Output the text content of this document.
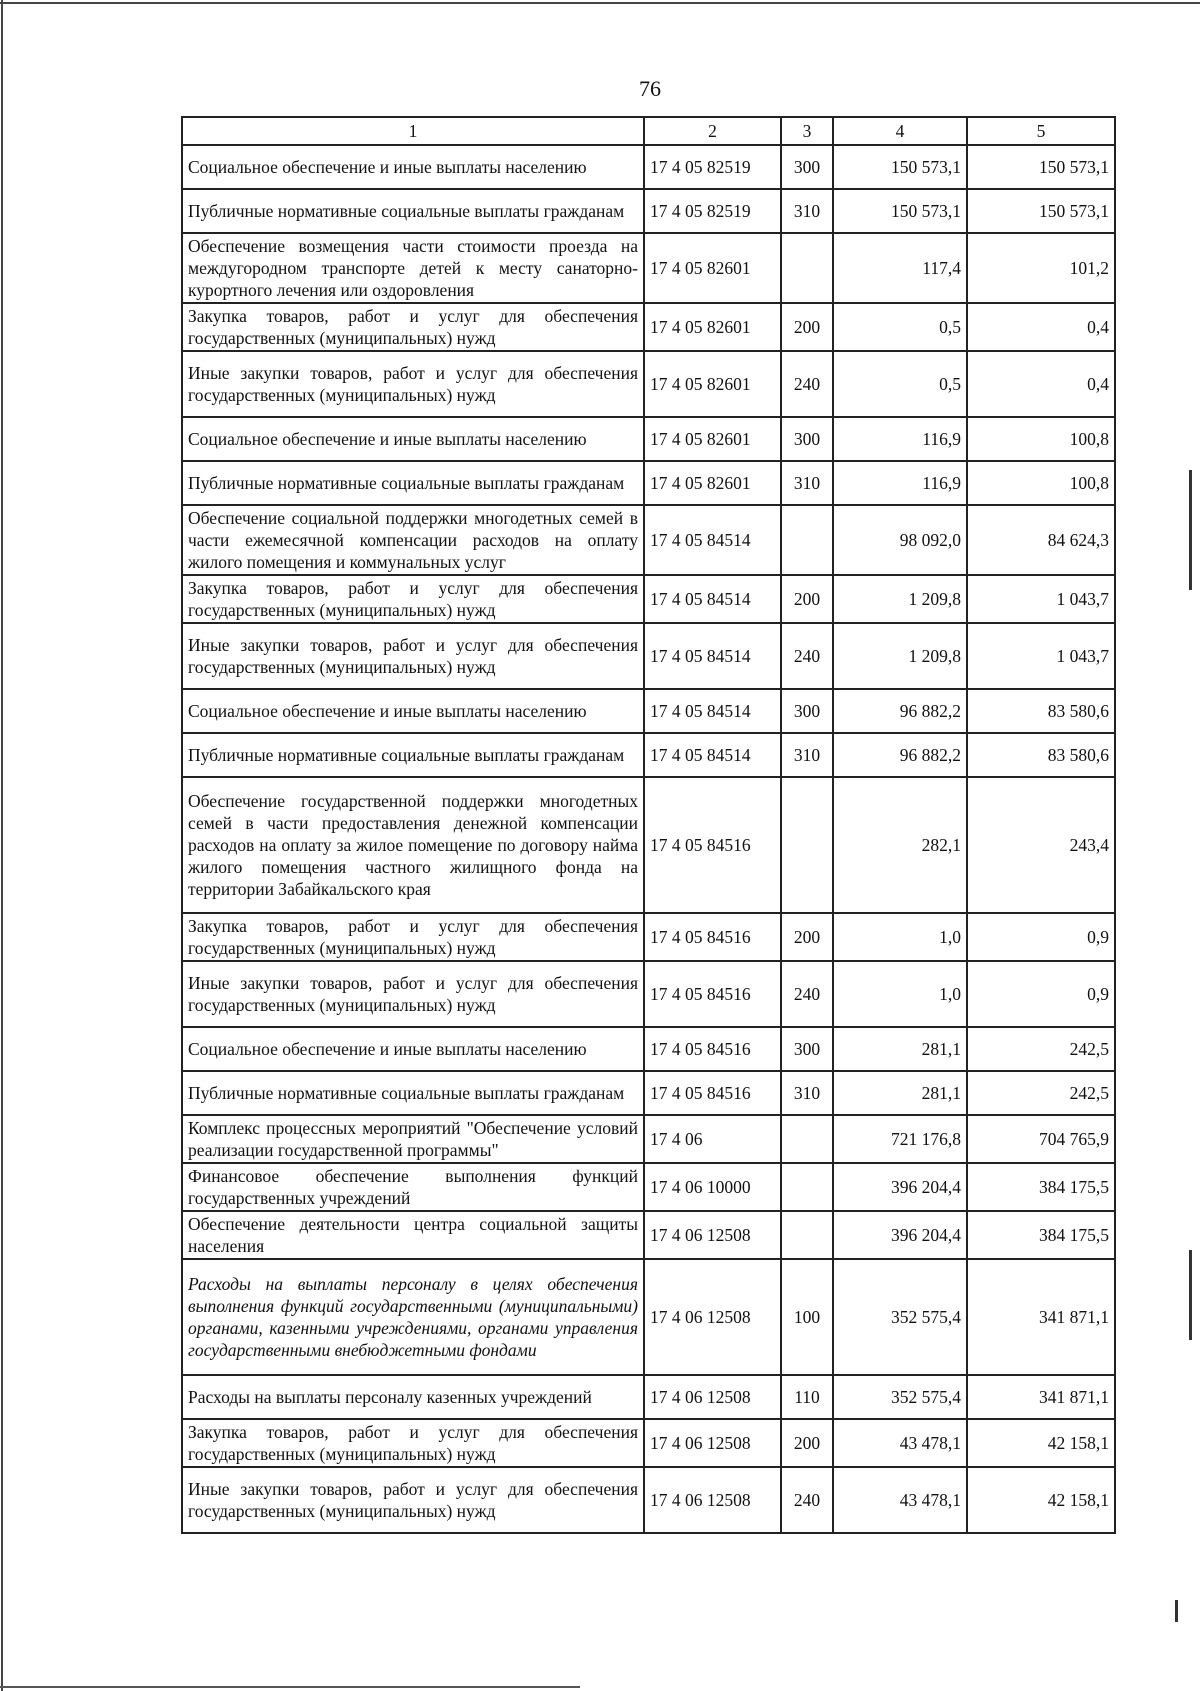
76
1	2	3	4	5
Социальное обеспечение и иные выплаты населению	17 4 05 82519	300	150 573,1	150 573,1
Публичные нормативные социальные выплаты гражданам	17 4 05 82519	310	150 573,1	150 573,1
Обеспечение возмещения части стоимости проезда на междугородном транспорте детей к месту санаторно-курортного лечения или оздоровления	17 4 05 82601		117,4	101,2
Закупка товаров, работ и услуг для обеспечения государственных (муниципальных) нужд	17 4 05 82601	200	0,5	0,4
Иные закупки товаров, работ и услуг для обеспечения государственных (муниципальных) нужд	17 4 05 82601	240	0,5	0,4
Социальное обеспечение и иные выплаты населению	17 4 05 82601	300	116,9	100,8
Публичные нормативные социальные выплаты гражданам	17 4 05 82601	310	116,9	100,8
Обеспечение социальной поддержки многодетных семей в части ежемесячной компенсации расходов на оплату жилого помещения и коммунальных услуг	17 4 05 84514		98 092,0	84 624,3
Закупка товаров, работ и услуг для обеспечения государственных (муниципальных) нужд	17 4 05 84514	200	1 209,8	1 043,7
Иные закупки товаров, работ и услуг для обеспечения государственных (муниципальных) нужд	17 4 05 84514	240	1 209,8	1 043,7
Социальное обеспечение и иные выплаты населению	17 4 05 84514	300	96 882,2	83 580,6
Публичные нормативные социальные выплаты гражданам	17 4 05 84514	310	96 882,2	83 580,6
Обеспечение государственной поддержки многодетных семей в части предоставления денежной компенсации расходов на оплату за жилое помещение по договору найма жилого помещения частного жилищного фонда на территории Забайкальского края	17 4 05 84516		282,1	243,4
Закупка товаров, работ и услуг для обеспечения государственных (муниципальных) нужд	17 4 05 84516	200	1,0	0,9
Иные закупки товаров, работ и услуг для обеспечения государственных (муниципальных) нужд	17 4 05 84516	240	1,0	0,9
Социальное обеспечение и иные выплаты населению	17 4 05 84516	300	281,1	242,5
Публичные нормативные социальные выплаты гражданам	17 4 05 84516	310	281,1	242,5
Комплекс процессных мероприятий "Обеспечение условий реализации государственной программы"	17 4 06		721 176,8	704 765,9
Финансовое обеспечение выполнения функций государственных учреждений	17 4 06 10000		396 204,4	384 175,5
Обеспечение деятельности центра социальной защиты населения	17 4 06 12508		396 204,4	384 175,5
Расходы на выплаты персоналу в целях обеспечения выполнения функций государственными (муниципальными) органами, казенными учреждениями, органами управления государственными внебюджетными фондами	17 4 06 12508	100	352 575,4	341 871,1
Расходы на выплаты персоналу казенных учреждений	17 4 06 12508	110	352 575,4	341 871,1
Закупка товаров, работ и услуг для обеспечения государственных (муниципальных) нужд	17 4 06 12508	200	43 478,1	42 158,1
Иные закупки товаров, работ и услуг для обеспечения государственных (муниципальных) нужд	17 4 06 12508	240	43 478,1	42 158,1
